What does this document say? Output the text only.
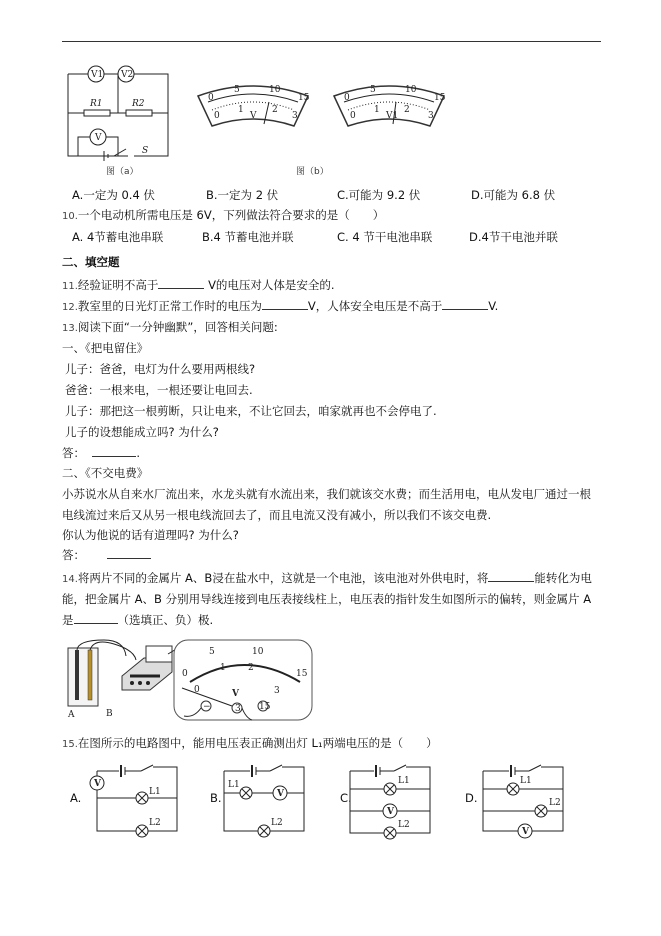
V1 V2
R1	R2
V
S
图（a）
0
5	10
15
0
1	2
3
V
0
5	10
15
0
1	2
3
V1
图（b）
A.一定为 0.4 伏	B.一定为 2 伏	C.可能为 9.2 伏	D.可能为 6.8 伏
10.一个电动机所需电压是 6V，下列做法符合要求的是（　　）
A. 4节蓄电池串联	B.4 节蓄电池并联	C. 4 节干电池串联	D.4节干电池并联
二、填空题
11.经验证明不高于	V的电压对人体是安全的.
12.教室里的日光灯正常工作时的电压为	V，人体安全电压是不高于	V.
13.阅读下面“一分钟幽默”，回答相关问题:
一、《把电留住》
儿子：爸爸，电灯为什么要用两根线?
爸爸：一根来电，一根还要让电回去.
儿子：那把这一根剪断，只让电来，不让它回去，咱家就再也不会停电了.
儿子的设想能成立吗? 为什么?
答：	.
二、《不交电费》
小苏说水从自来水厂流出来，水龙头就有水流出来，我们就该交水费；而生活用电，电从发电厂通过一根
电线流过来后又从另一根电线流回去了，而且电流又没有减小，所以我们不该交电费.
你认为他说的话有道理吗? 为什么?
答：
14.将两片不同的金属片 A、B浸在盐水中，这就是一个电池，该电池对外供电时，将	能转化为电
能，把金属片 A、B 分别用导线连接到电压表接线柱上，电压表的指针发生如图所示的偏转，则金属片 A
是	（选填正、负）极.
A	B
0
5	10
15
0
1 2
3
V
−	3 15
15.在图所示的电路图中，能用电压表正确测出灯 L₁两端电压的是（　　）
A.
V
L1
L2
B.	V
L1
L2
C.
V
L1
L2
D.
V
L1
L2
